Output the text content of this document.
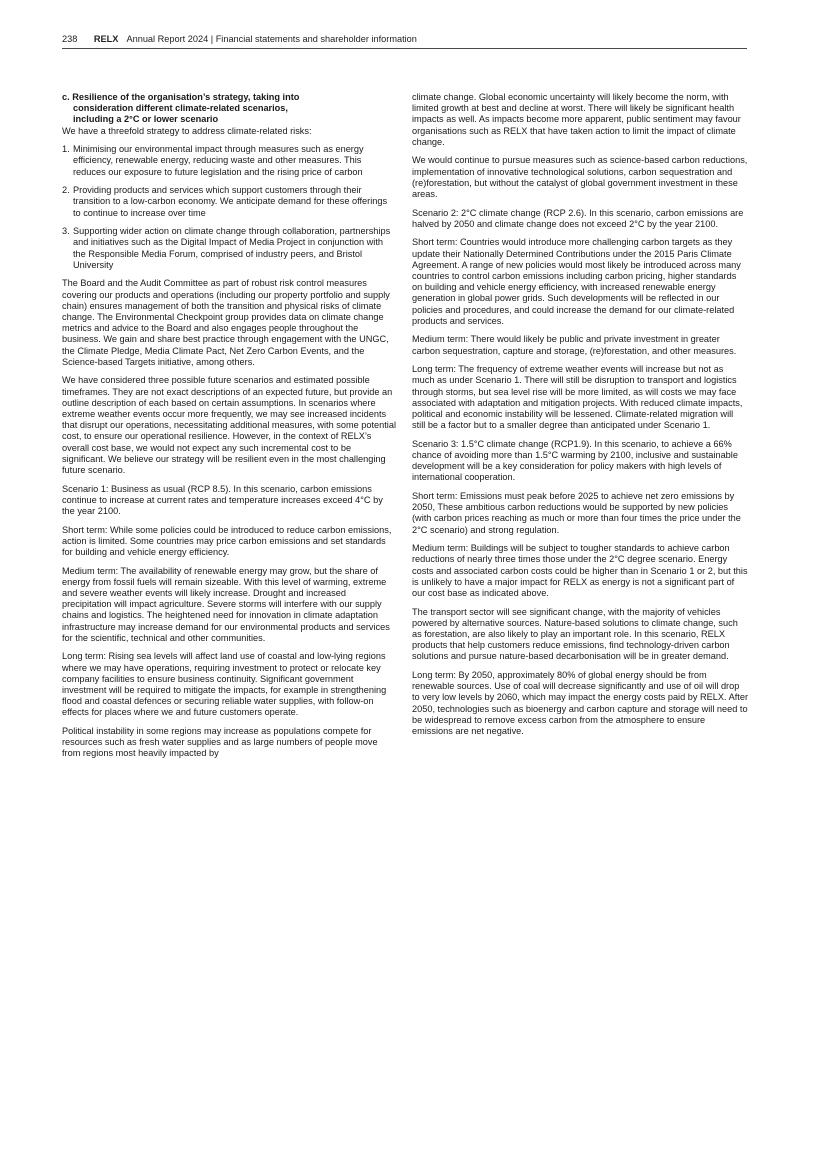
238 RELX Annual Report 2024 | Financial statements and shareholder information
c. Resilience of the organisation’s strategy, taking into
consideration different climate-related scenarios,
including a 2°C or lower scenario

We have a threefold strategy to address climate-related risks:

1. Minimising our environmental impact through measures such as energy efficiency, renewable energy, reducing waste and other measures. This reduces our exposure to future legislation and the rising price of carbon
2. Providing products and services which support customers through their transition to a low-carbon economy. We anticipate demand for these offerings to continue to increase over time
3. Supporting wider action on climate change through collaboration, partnerships and initiatives such as the Digital Impact of Media Project in conjunction with the Responsible Media Forum, comprised of industry peers, and Bristol University

The Board and the Audit Committee as part of robust risk control measures covering our products and operations (including our property portfolio and supply chain) ensures management of both the transition and physical risks of climate change. The Environmental Checkpoint group provides data on climate change metrics and advice to the Board and also engages people throughout the business. We gain and share best practice through engagement with the UNGC, the Climate Pledge, Media Climate Pact, Net Zero Carbon Events, and the Science-based Targets initiative, among others.

We have considered three possible future scenarios and estimated possible timeframes. They are not exact descriptions of an expected future, but provide an outline description of each based on certain assumptions. In scenarios where extreme weather events occur more frequently, we may see increased incidents that disrupt our operations, necessitating additional measures, with some potential cost, to ensure our operational resilience. However, in the context of RELX’s overall cost base, we would not expect any such incremental cost to be significant. We believe our strategy will be resilient even in the most challenging future scenario.

Scenario 1: Business as usual (RCP 8.5). In this scenario, carbon emissions continue to increase at current rates and temperature increases exceed 4°C by the year 2100.

Short term: While some policies could be introduced to reduce carbon emissions, action is limited. Some countries may price carbon emissions and set standards for building and vehicle energy efficiency.

Medium term: The availability of renewable energy may grow, but the share of energy from fossil fuels will remain sizeable. With this level of warming, extreme and severe weather events will likely increase. Drought and increased precipitation will impact agriculture. Severe storms will interfere with our supply chains and logistics. The heightened need for innovation in climate adaptation infrastructure may increase demand for our environmental products and services for the scientific, technical and other communities.

Long term: Rising sea levels will affect land use of coastal and low-lying regions where we may have operations, requiring investment to protect or relocate key company facilities to ensure business continuity. Significant government investment will be required to mitigate the impacts, for example in strengthening flood and coastal defences or securing reliable water supplies, with follow-on effects for places where we and future customers operate.

Political instability in some regions may increase as populations compete for resources such as fresh water supplies and as large numbers of people move from regions most heavily impacted by

climate change. Global economic uncertainty will likely become the norm, with limited growth at best and decline at worst. There will likely be significant health impacts as well. As impacts become more apparent, public sentiment may favour organisations such as RELX that have taken action to limit the impact of climate change.

We would continue to pursue measures such as science-based carbon reductions, implementation of innovative technological solutions, carbon sequestration and (re)forestation, but without the catalyst of global government investment in these areas.

Scenario 2: 2°C climate change (RCP 2.6). In this scenario, carbon emissions are halved by 2050 and climate change does not exceed 2°C by the year 2100.

Short term: Countries would introduce more challenging carbon targets as they update their Nationally Determined Contributions under the 2015 Paris Climate Agreement. A range of new policies would most likely be introduced across many countries to control carbon emissions including carbon pricing, higher standards on building and vehicle energy efficiency, with increased renewable energy generation in global power grids. Such developments will be reflected in our policies and procedures, and could increase the demand for our climate-related products and services.

Medium term: There would likely be public and private investment in greater carbon sequestration, capture and storage, (re)forestation, and other measures.

Long term: The frequency of extreme weather events will increase but not as much as under Scenario 1. There will still be disruption to transport and logistics through storms, but sea level rise will be more limited, as will costs we may face associated with adaptation and mitigation projects. With reduced climate impacts, political and economic instability will be lessened. Climate-related migration will still be a factor but to a smaller degree than anticipated under Scenario 1.

Scenario 3: 1.5°C climate change (RCP1.9). In this scenario, to achieve a 66% chance of avoiding more than 1.5°C warming by 2100, inclusive and sustainable development will be a key consideration for policy makers with high levels of international cooperation.

Short term: Emissions must peak before 2025 to achieve net zero emissions by 2050, These ambitious carbon reductions would be supported by new policies (with carbon prices reaching as much or more than four times the price under the 2°C scenario) and strong regulation.

Medium term: Buildings will be subject to tougher standards to achieve carbon reductions of nearly three times those under the 2°C degree scenario. Energy costs and associated carbon costs could be higher than in Scenario 1 or 2, but this is unlikely to have a major impact for RELX as energy is not a significant part of our cost base as indicated above.

The transport sector will see significant change, with the majority of vehicles powered by alternative sources. Nature-based solutions to climate change, such as forestation, are also likely to play an important role. In this scenario, RELX products that help customers reduce emissions, find technology-driven carbon solutions and pursue nature-based decarbonisation will be in greater demand.

Long term: By 2050, approximately 80% of global energy should be from renewable sources. Use of coal will decrease significantly and use of oil will drop to very low levels by 2060, which may impact the energy costs paid by RELX. After 2050, technologies such as bioenergy and carbon capture and storage will need to be widespread to remove excess carbon from the atmosphere to ensure emissions are net negative.
